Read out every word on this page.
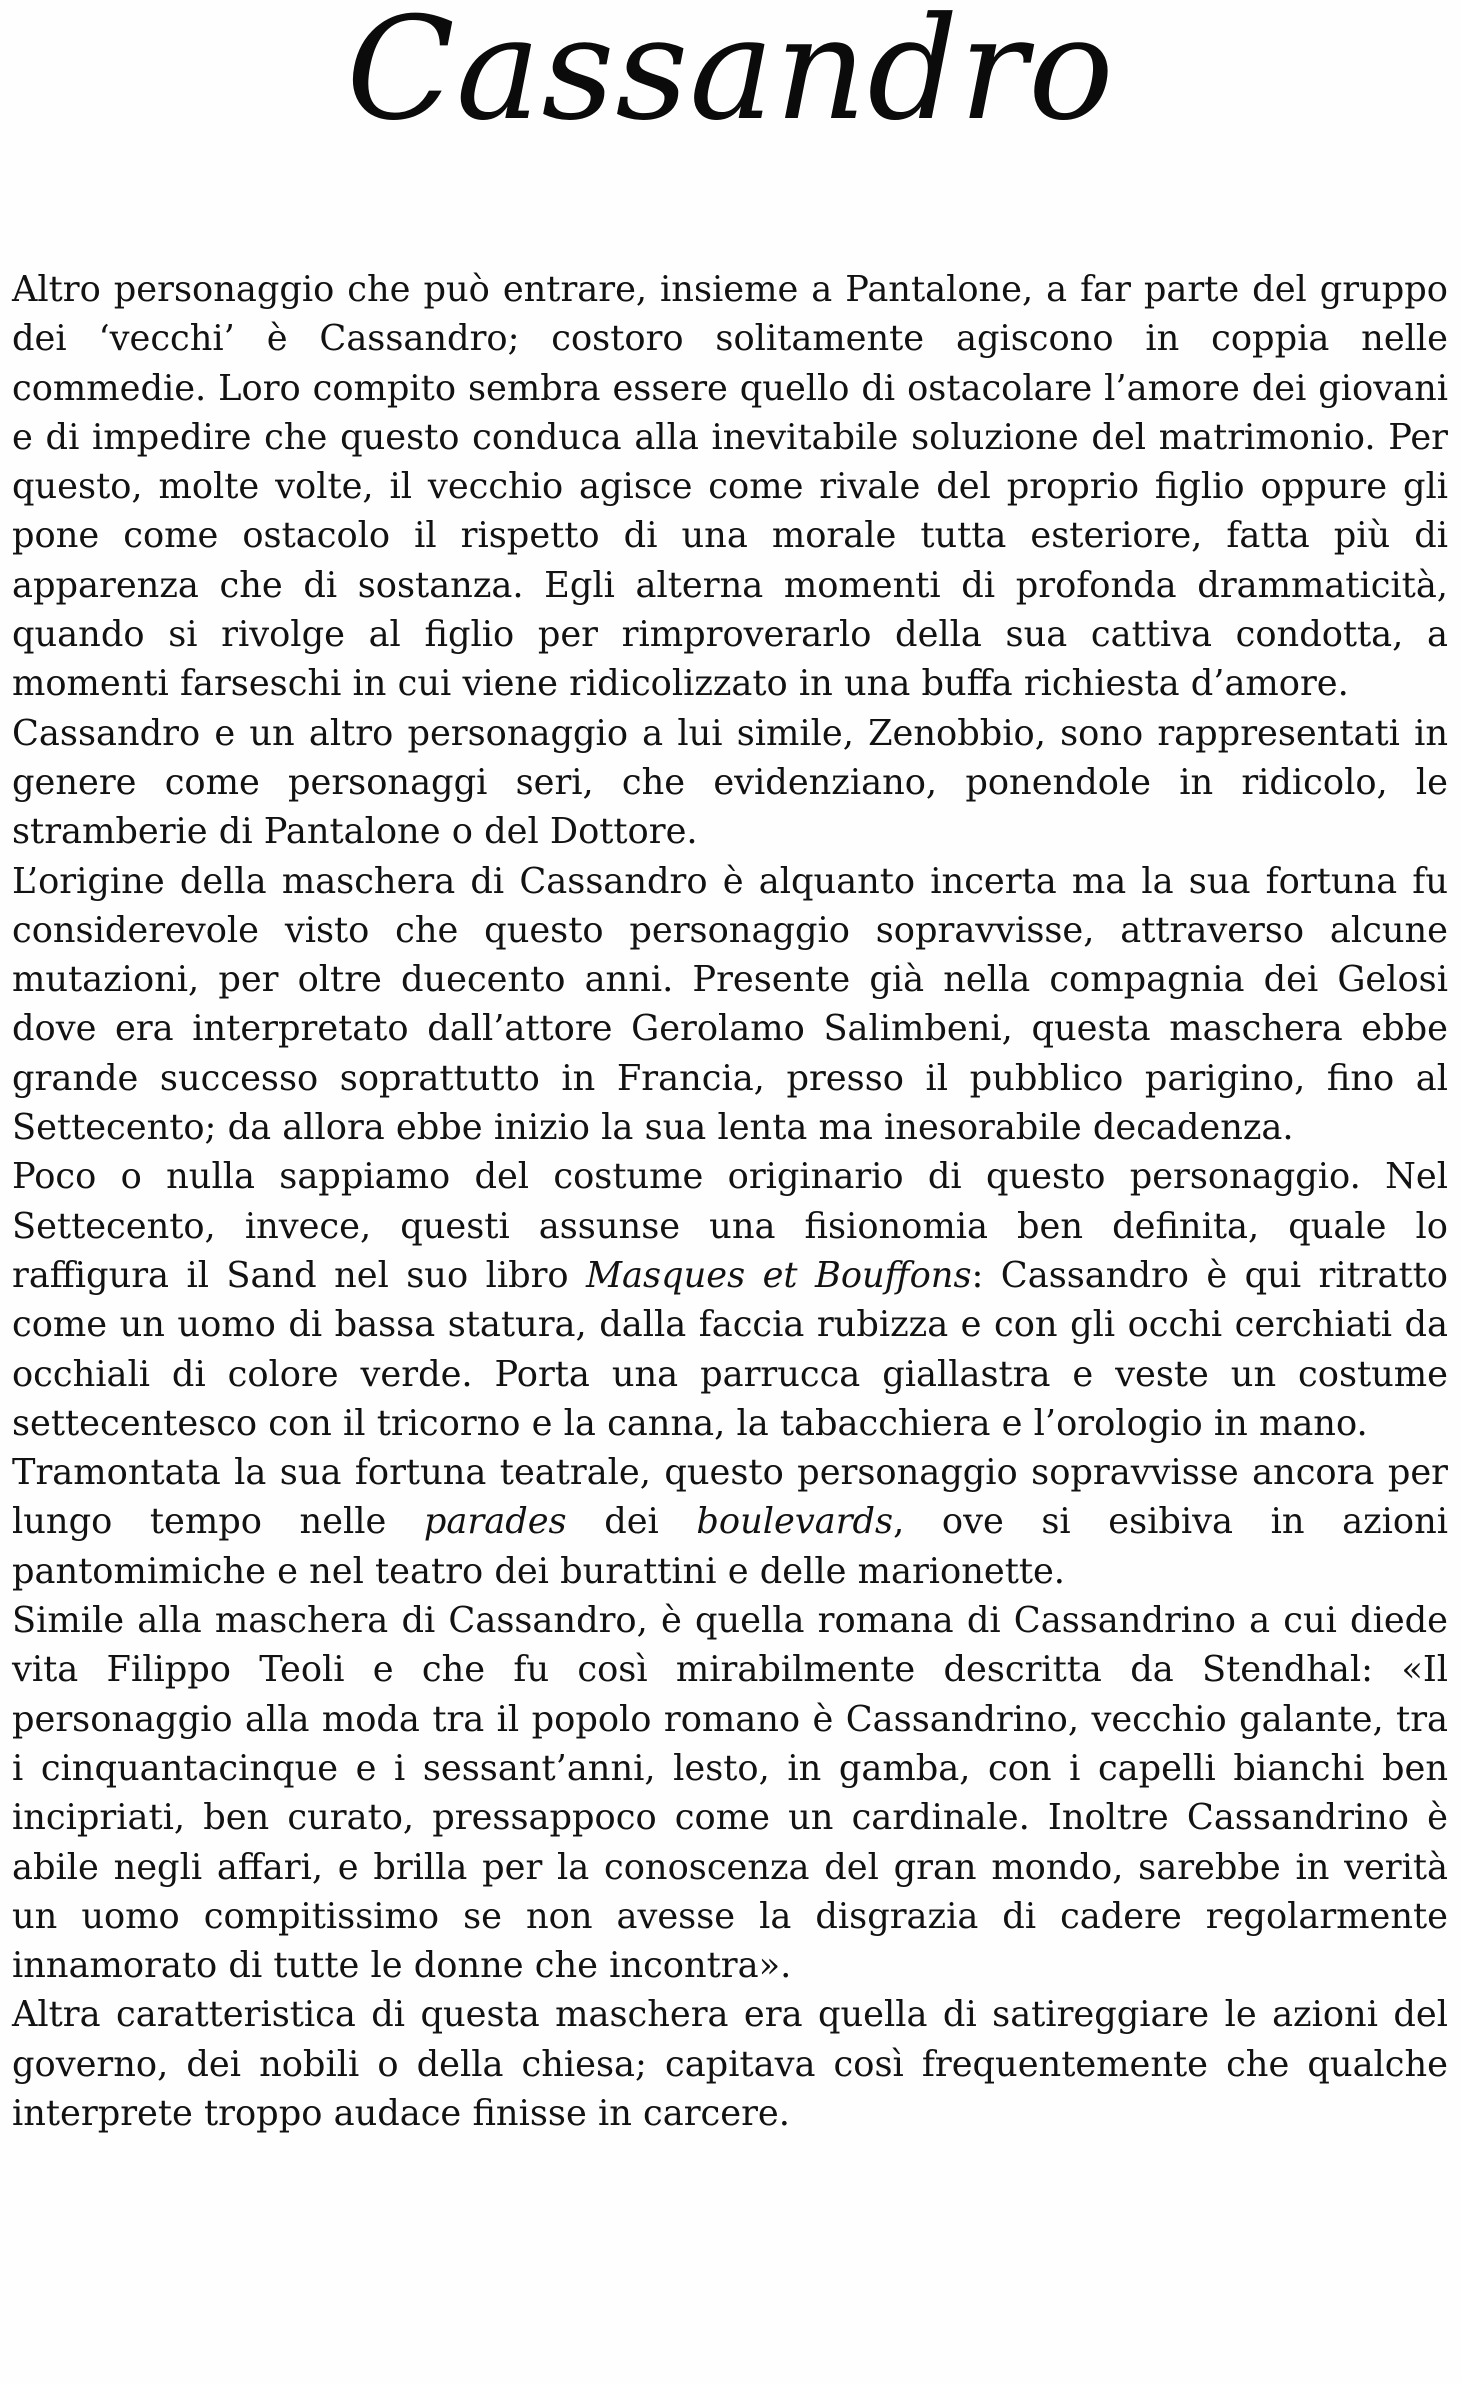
Cassandro

Altro personaggio che può entrare, insieme a Pantalone, a far parte del gruppo dei ‘vecchi’ è Cassandro; costoro solitamente agiscono in coppia nelle commedie. Loro compito sembra essere quello di ostacolare l’amore dei giovani e di impedire che questo conduca alla inevitabile soluzione del matrimonio. Per questo, molte volte, il vecchio agisce come rivale del proprio figlio oppure gli pone come ostacolo il rispetto di una morale tutta esteriore, fatta più di apparenza che di sostanza. Egli alterna momenti di profonda drammaticità, quando si rivolge al figlio per rimproverarlo della sua cattiva condotta, a momenti farseschi in cui viene ridicolizzato in una buffa richiesta d’amore.

Cassandro e un altro personaggio a lui simile, Zenobbio, sono rappresentati in genere come personaggi seri, che evidenziano, ponendole in ridicolo, le stramberie di Pantalone o del Dottore.

L’origine della maschera di Cassandro è alquanto incerta ma la sua fortuna fu considerevole visto che questo personaggio sopravvisse, attraverso alcune mutazioni, per oltre duecento anni. Presente già nella compagnia dei Gelosi dove era interpretato dall’attore Gerolamo Salimbeni, questa maschera ebbe grande successo soprattutto in Francia, presso il pubblico parigino, fino al Settecento; da allora ebbe inizio la sua lenta ma inesorabile decadenza.

Poco o nulla sappiamo del costume originario di questo personaggio. Nel Settecento, invece, questi assunse una fisionomia ben definita, quale lo raffigura il Sand nel suo libro Masques et Bouffons: Cassandro è qui ritratto come un uomo di bassa statura, dalla faccia rubizza e con gli occhi cerchiati da occhiali di colore verde. Porta una parrucca giallastra e veste un costume settecentesco con il tricorno e la canna, la tabacchiera e l’orologio in mano.

Tramontata la sua fortuna teatrale, questo personaggio sopravvisse ancora per lungo tempo nelle parades dei boulevards, ove si esibiva in azioni pantomimiche e nel teatro dei burattini e delle marionette.

Simile alla maschera di Cassandro, è quella romana di Cassandrino a cui diede vita Filippo Teoli e che fu così mirabilmente descritta da Stendhal: «Il personaggio alla moda tra il popolo romano è Cassandrino, vecchio galante, tra i cinquantacinque e i sessant’anni, lesto, in gamba, con i capelli bianchi ben incipriati, ben curato, pressappoco come un cardinale. Inoltre Cassandrino è abile negli affari, e brilla per la conoscenza del gran mondo, sarebbe in verità un uomo compitissimo se non avesse la disgrazia di cadere regolarmente innamorato di tutte le donne che incontra».

Altra caratteristica di questa maschera era quella di satireggiare le azioni del governo, dei nobili o della chiesa; capitava così frequentemente che qualche interprete troppo audace finisse in carcere.
